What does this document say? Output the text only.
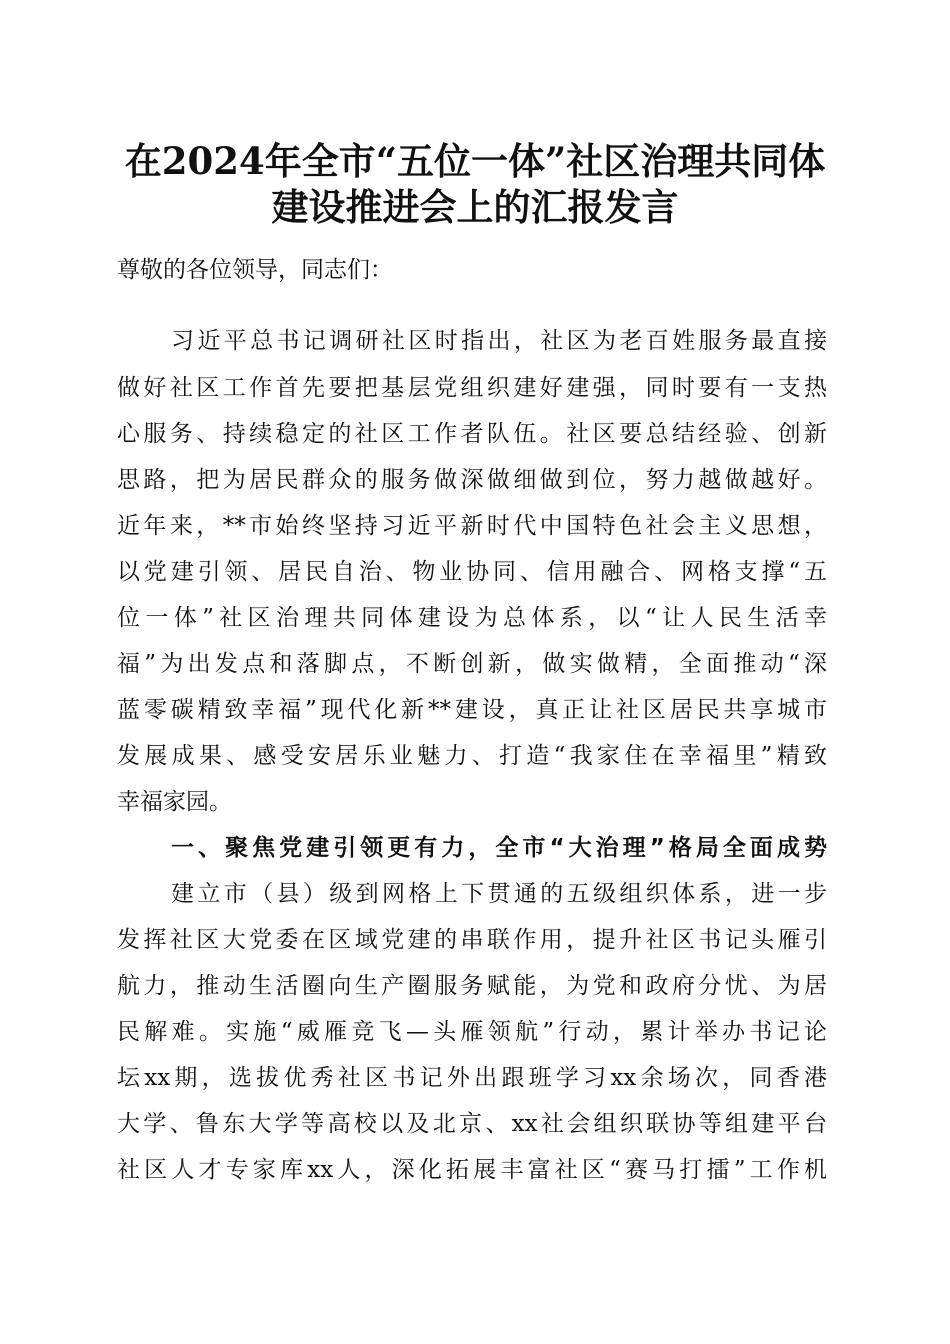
在2024年全市“五位一体”社区治理共同体
建设推进会上的汇报发言
尊敬的各位领导，同志们：
习近平总书记调研社区时指出，社区为老百姓服务最直接
做好社区工作首先要把基层党组织建好建强，同时要有一支热
心服务、持续稳定的社区工作者队伍。社区要总结经验、创新
思路，把为居民群众的服务做深做细做到位，努力越做越好。
近年来，**市始终坚持习近平新时代中国特色社会主义思想，
以党建引领、居民自治、物业协同、信用融合、网格支撑“五
位一体”社区治理共同体建设为总体系，以“让人民生活幸
福”为出发点和落脚点，不断创新，做实做精，全面推动“深
蓝零碳精致幸福”现代化新**建设，真正让社区居民共享城市
发展成果、感受安居乐业魅力、打造“我家住在幸福里”精致
幸福家园。
一、聚焦党建引领更有力，全市“大治理”格局全面成势
建立市（县）级到网格上下贯通的五级组织体系，进一步
发挥社区大党委在区域党建的串联作用，提升社区书记头雁引
航力，推动生活圈向生产圈服务赋能，为党和政府分忧、为居
民解难。实施“威雁竞飞—头雁领航”行动，累计举办书记论
坛xx期，选拔优秀社区书记外出跟班学习xx余场次，同香港
大学、鲁东大学等高校以及北京、xx社会组织联协等组建平台
社区人才专家库xx人，深化拓展丰富社区“赛马打擂”工作机
